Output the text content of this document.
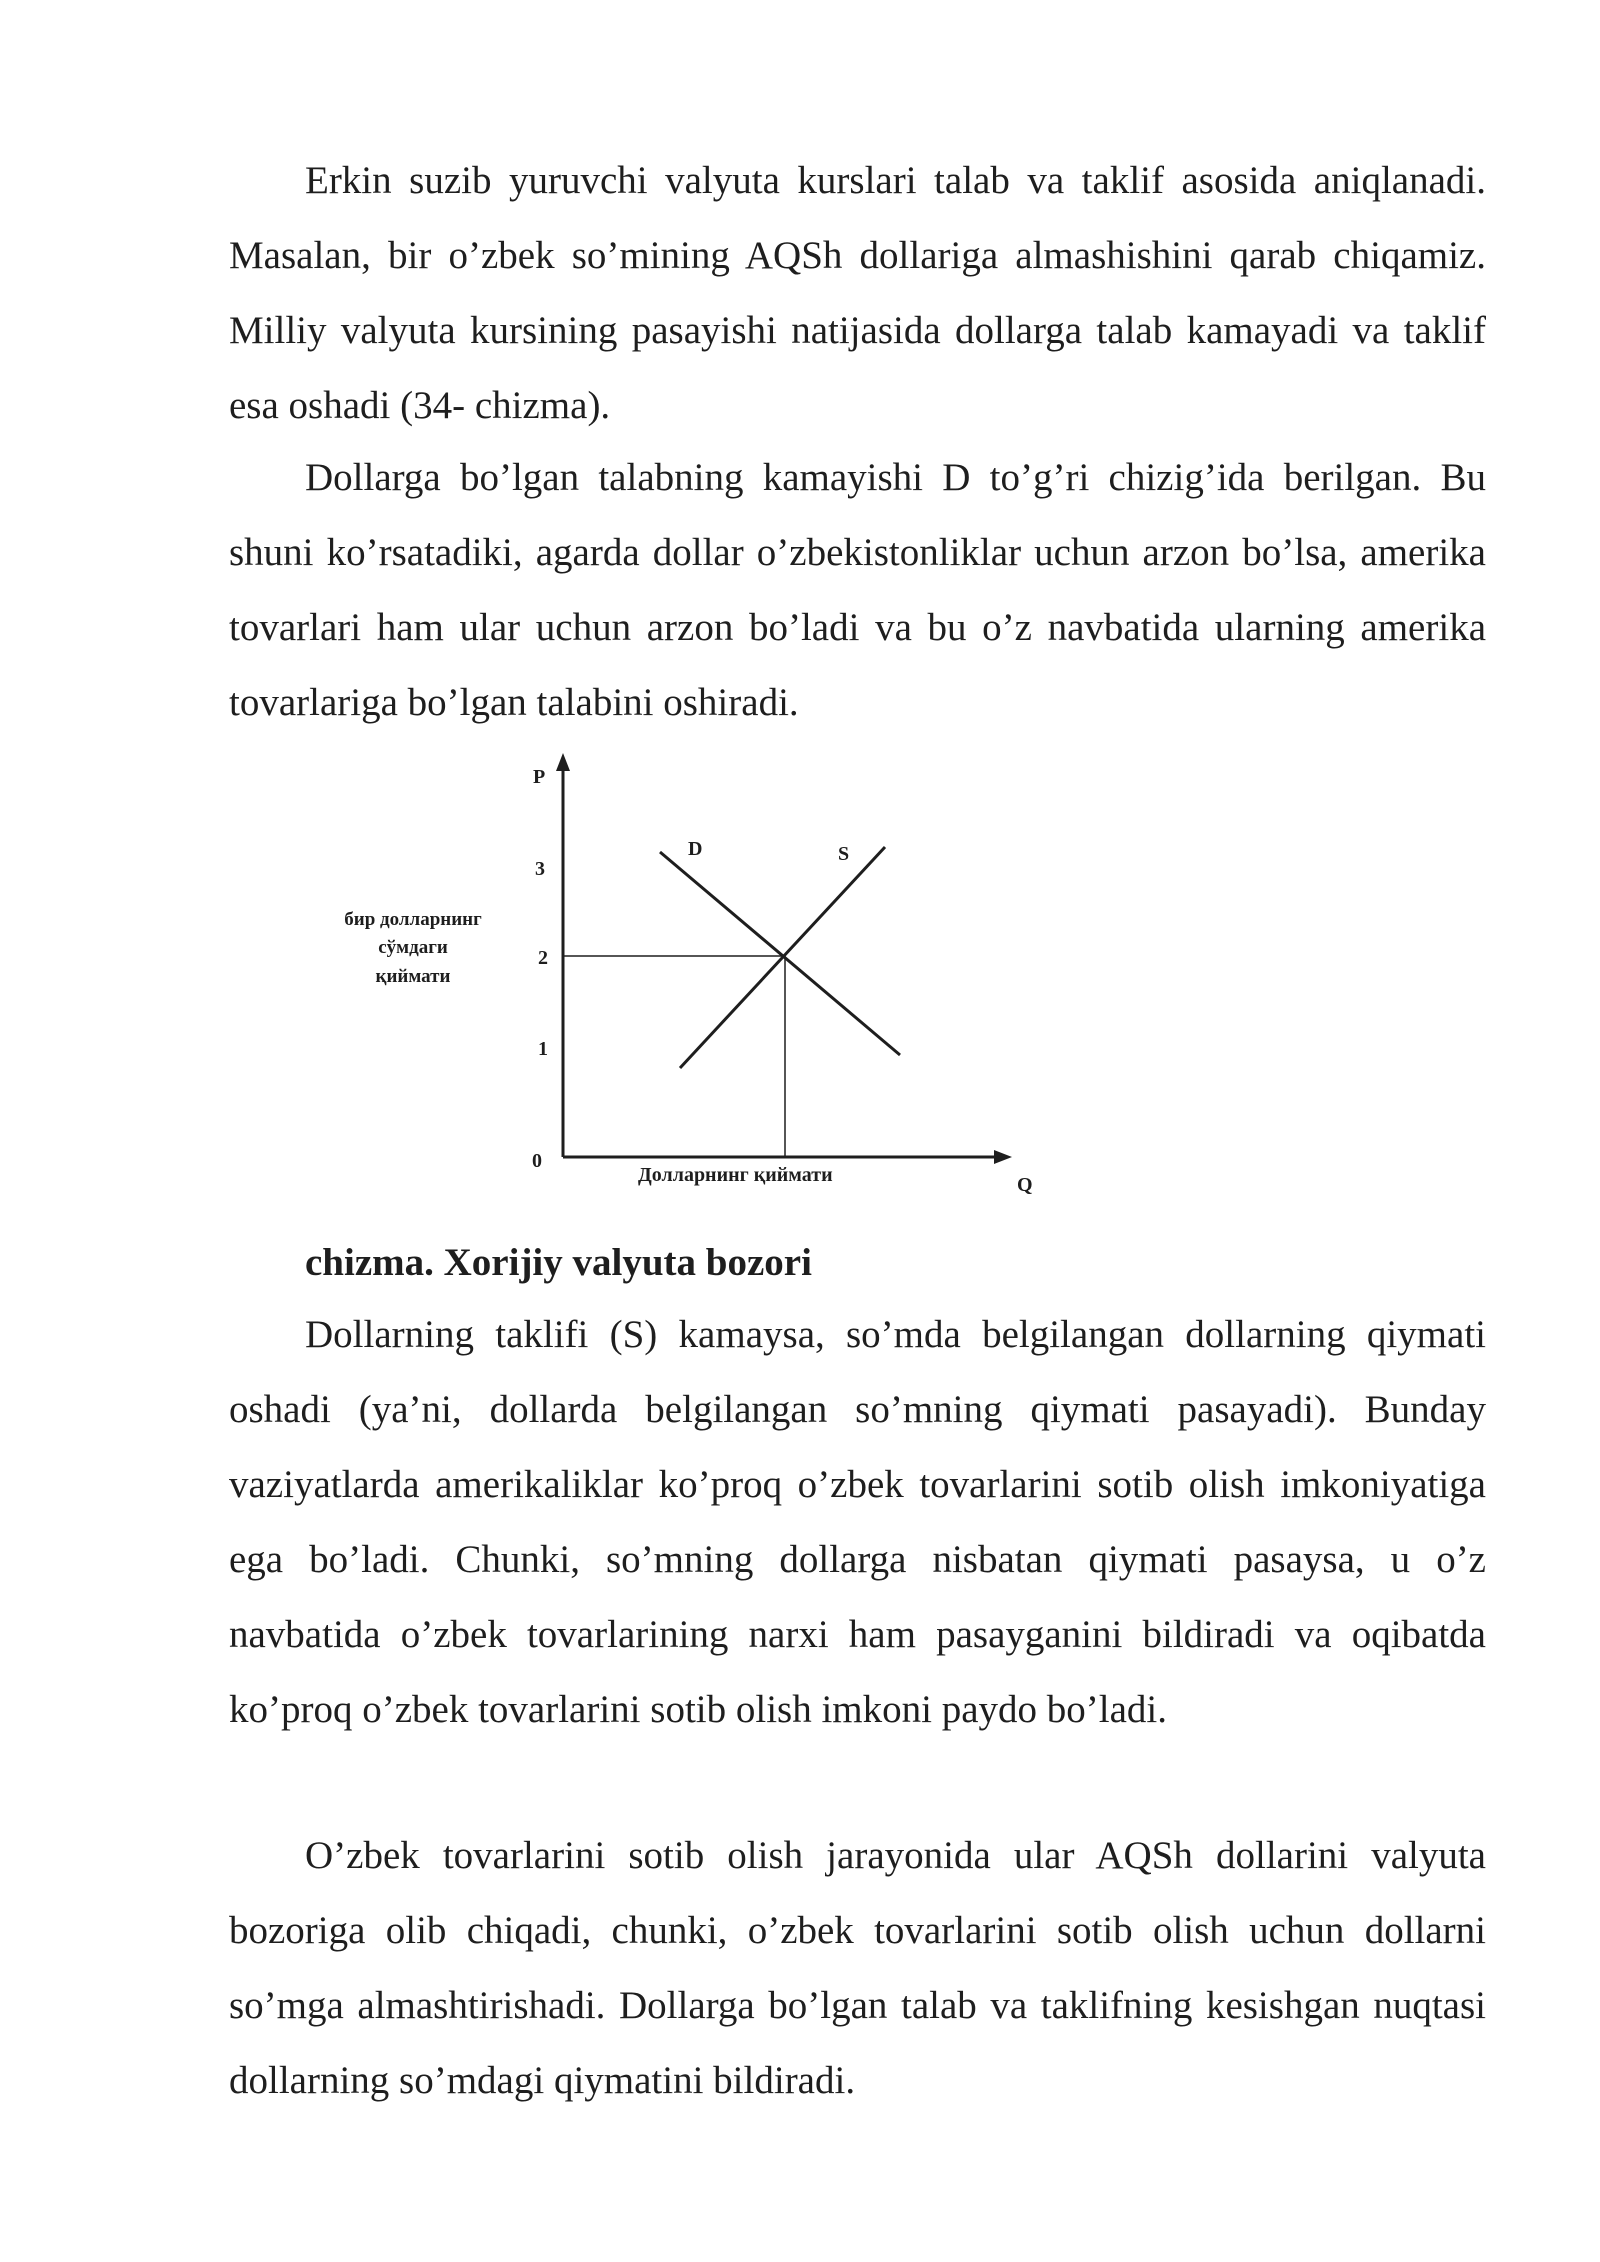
Erkin suzib yuruvchi valyuta kurslari talab va taklif asosida aniqlanadi. Masalan, bir o’zbek so’mining AQSh dollariga almashishini qarab chiqamiz. Milliy valyuta kursining pasayishi natijasida dollarga talab kamayadi va taklif esa oshadi (34- chizma).

Dollarga bo’lgan talabning kamayishi D to’g’ri chizig’ida berilgan. Bu shuni ko’rsatadiki, agarda dollar o’zbekistonliklar uchun arzon bo’lsa, amerika tovarlari ham ular uchun arzon bo’ladi va bu o’z navbatida ularning amerika tovarlariga bo’lgan talabini oshiradi.

P
3
2
1
0
D	S
Q
Долларнинг қиймати
бир долларнинг
сўмдаги
қиймати

chizma. Xorijiy valyuta bozori

Dollarning taklifi (S) kamaysa, so’mda belgilangan dollarning qiymati oshadi (ya’ni, dollarda belgilangan so’mning qiymati pasayadi). Bunday vaziyatlarda amerikaliklar ko’proq o’zbek tovarlarini sotib olish imkoniyatiga ega bo’ladi. Chunki, so’mning dollarga nisbatan qiymati pasaysa, u o’z navbatida o’zbek tovarlarining narxi ham pasayganini bildiradi va oqibatda ko’proq o’zbek tovarlarini sotib olish imkoni paydo bo’ladi.

O’zbek tovarlarini sotib olish jarayonida ular AQSh dollarini valyuta bozoriga olib chiqadi, chunki, o’zbek tovarlarini sotib olish uchun dollarni so’mga almashtirishadi. Dollarga bo’lgan talab va taklifning kesishgan nuqtasi dollarning so’mdagi qiymatini bildiradi.
